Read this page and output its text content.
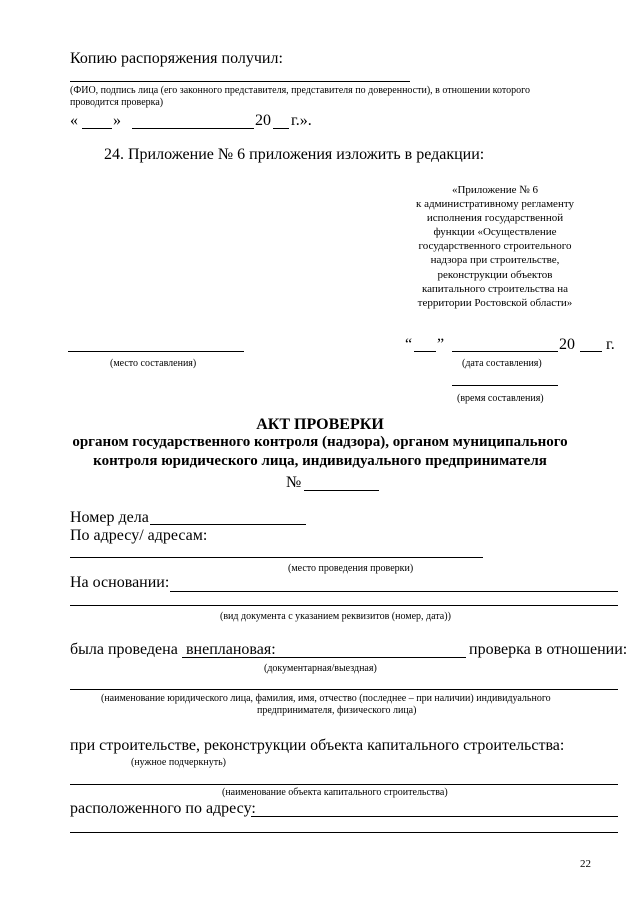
Копию распоряжения получил:
(ФИО, подпись лица (его законного представителя, представителя по доверенности), в отношении которого
проводится проверка)
« »	20 г.».
24. Приложение № 6 приложения изложить в редакции:
«Приложение № 6
к административному регламенту
исполнения государственной
функции «Осуществление
государственного строительного
надзора при строительстве,
реконструкции объектов
капитального строительства на
территории Ростовской области»
(место составления)
“ ”	20 г.
(дата составления)
(время составления)
АКТ ПРОВЕРКИ
органом государственного контроля (надзора), органом муниципального
контроля юридического лица, индивидуального предпринимателя
№
Номер дела
По адресу/ адресам:
(место проведения проверки)
На основании:
(вид документа с указанием реквизитов (номер, дата))
была проведена внеплановая:	проверка в отношении:
(документарная/выездная)
(наименование юридического лица, фамилия, имя, отчество (последнее – при наличии) индивидуального
предпринимателя, физического лица)
при строительстве, реконструкции объекта капитального строительства:
(нужное подчеркнуть)
(наименование объекта капитального строительства)
расположенного по адресу:
22
